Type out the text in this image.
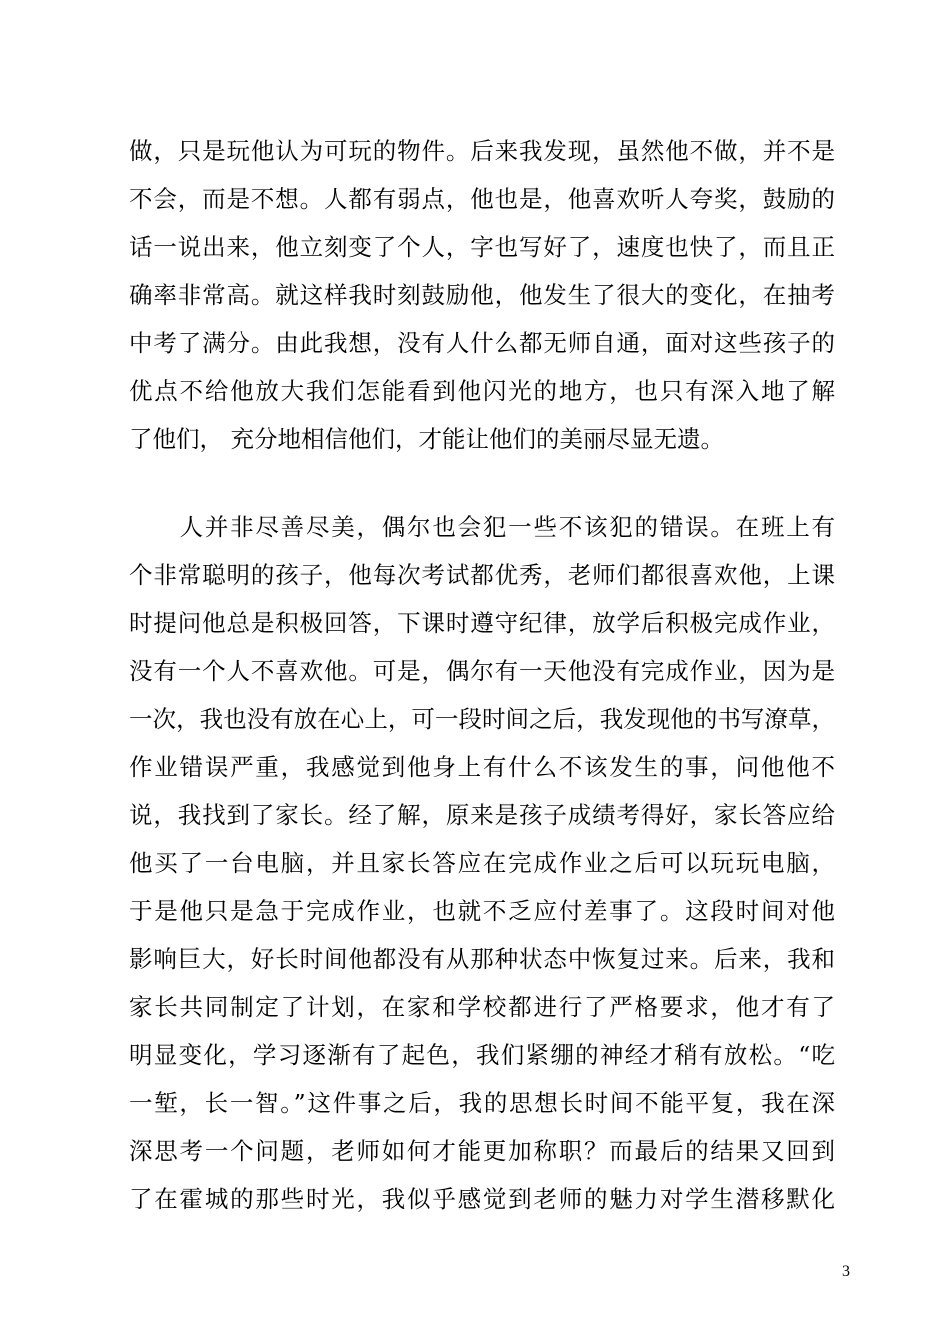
做，只是玩他认为可玩的物件。后来我发现，虽然他不做，并不是
不会，而是不想。人都有弱点，他也是，他喜欢听人夸奖，鼓励的
话一说出来，他立刻变了个人，字也写好了，速度也快了，而且正
确率非常高。就这样我时刻鼓励他，他发生了很大的变化，在抽考
中考了满分。由此我想，没有人什么都无师自通，面对这些孩子的
优点不给他放大我们怎能看到他闪光的地方，也只有深入地了解
了他们， 充分地相信他们，才能让他们的美丽尽显无遗。
　　人并非尽善尽美，偶尔也会犯一些不该犯的错误。在班上有
个非常聪明的孩子，他每次考试都优秀，老师们都很喜欢他，上课
时提问他总是积极回答，下课时遵守纪律，放学后积极完成作业，
没有一个人不喜欢他。可是，偶尔有一天他没有完成作业，因为是
一次，我也没有放在心上，可一段时间之后，我发现他的书写潦草，
作业错误严重，我感觉到他身上有什么不该发生的事，问他他不
说，我找到了家长。经了解，原来是孩子成绩考得好，家长答应给
他买了一台电脑，并且家长答应在完成作业之后可以玩玩电脑，
于是他只是急于完成作业，也就不乏应付差事了。这段时间对他
影响巨大，好长时间他都没有从那种状态中恢复过来。后来，我和
家长共同制定了计划，在家和学校都进行了严格要求，他才有了
明显变化，学习逐渐有了起色，我们紧绷的神经才稍有放松。“吃
一堑，长一智。”这件事之后，我的思想长时间不能平复，我在深
深思考一个问题，老师如何才能更加称职？而最后的结果又回到
了在霍城的那些时光，我似乎感觉到老师的魅力对学生潜移默化
3
